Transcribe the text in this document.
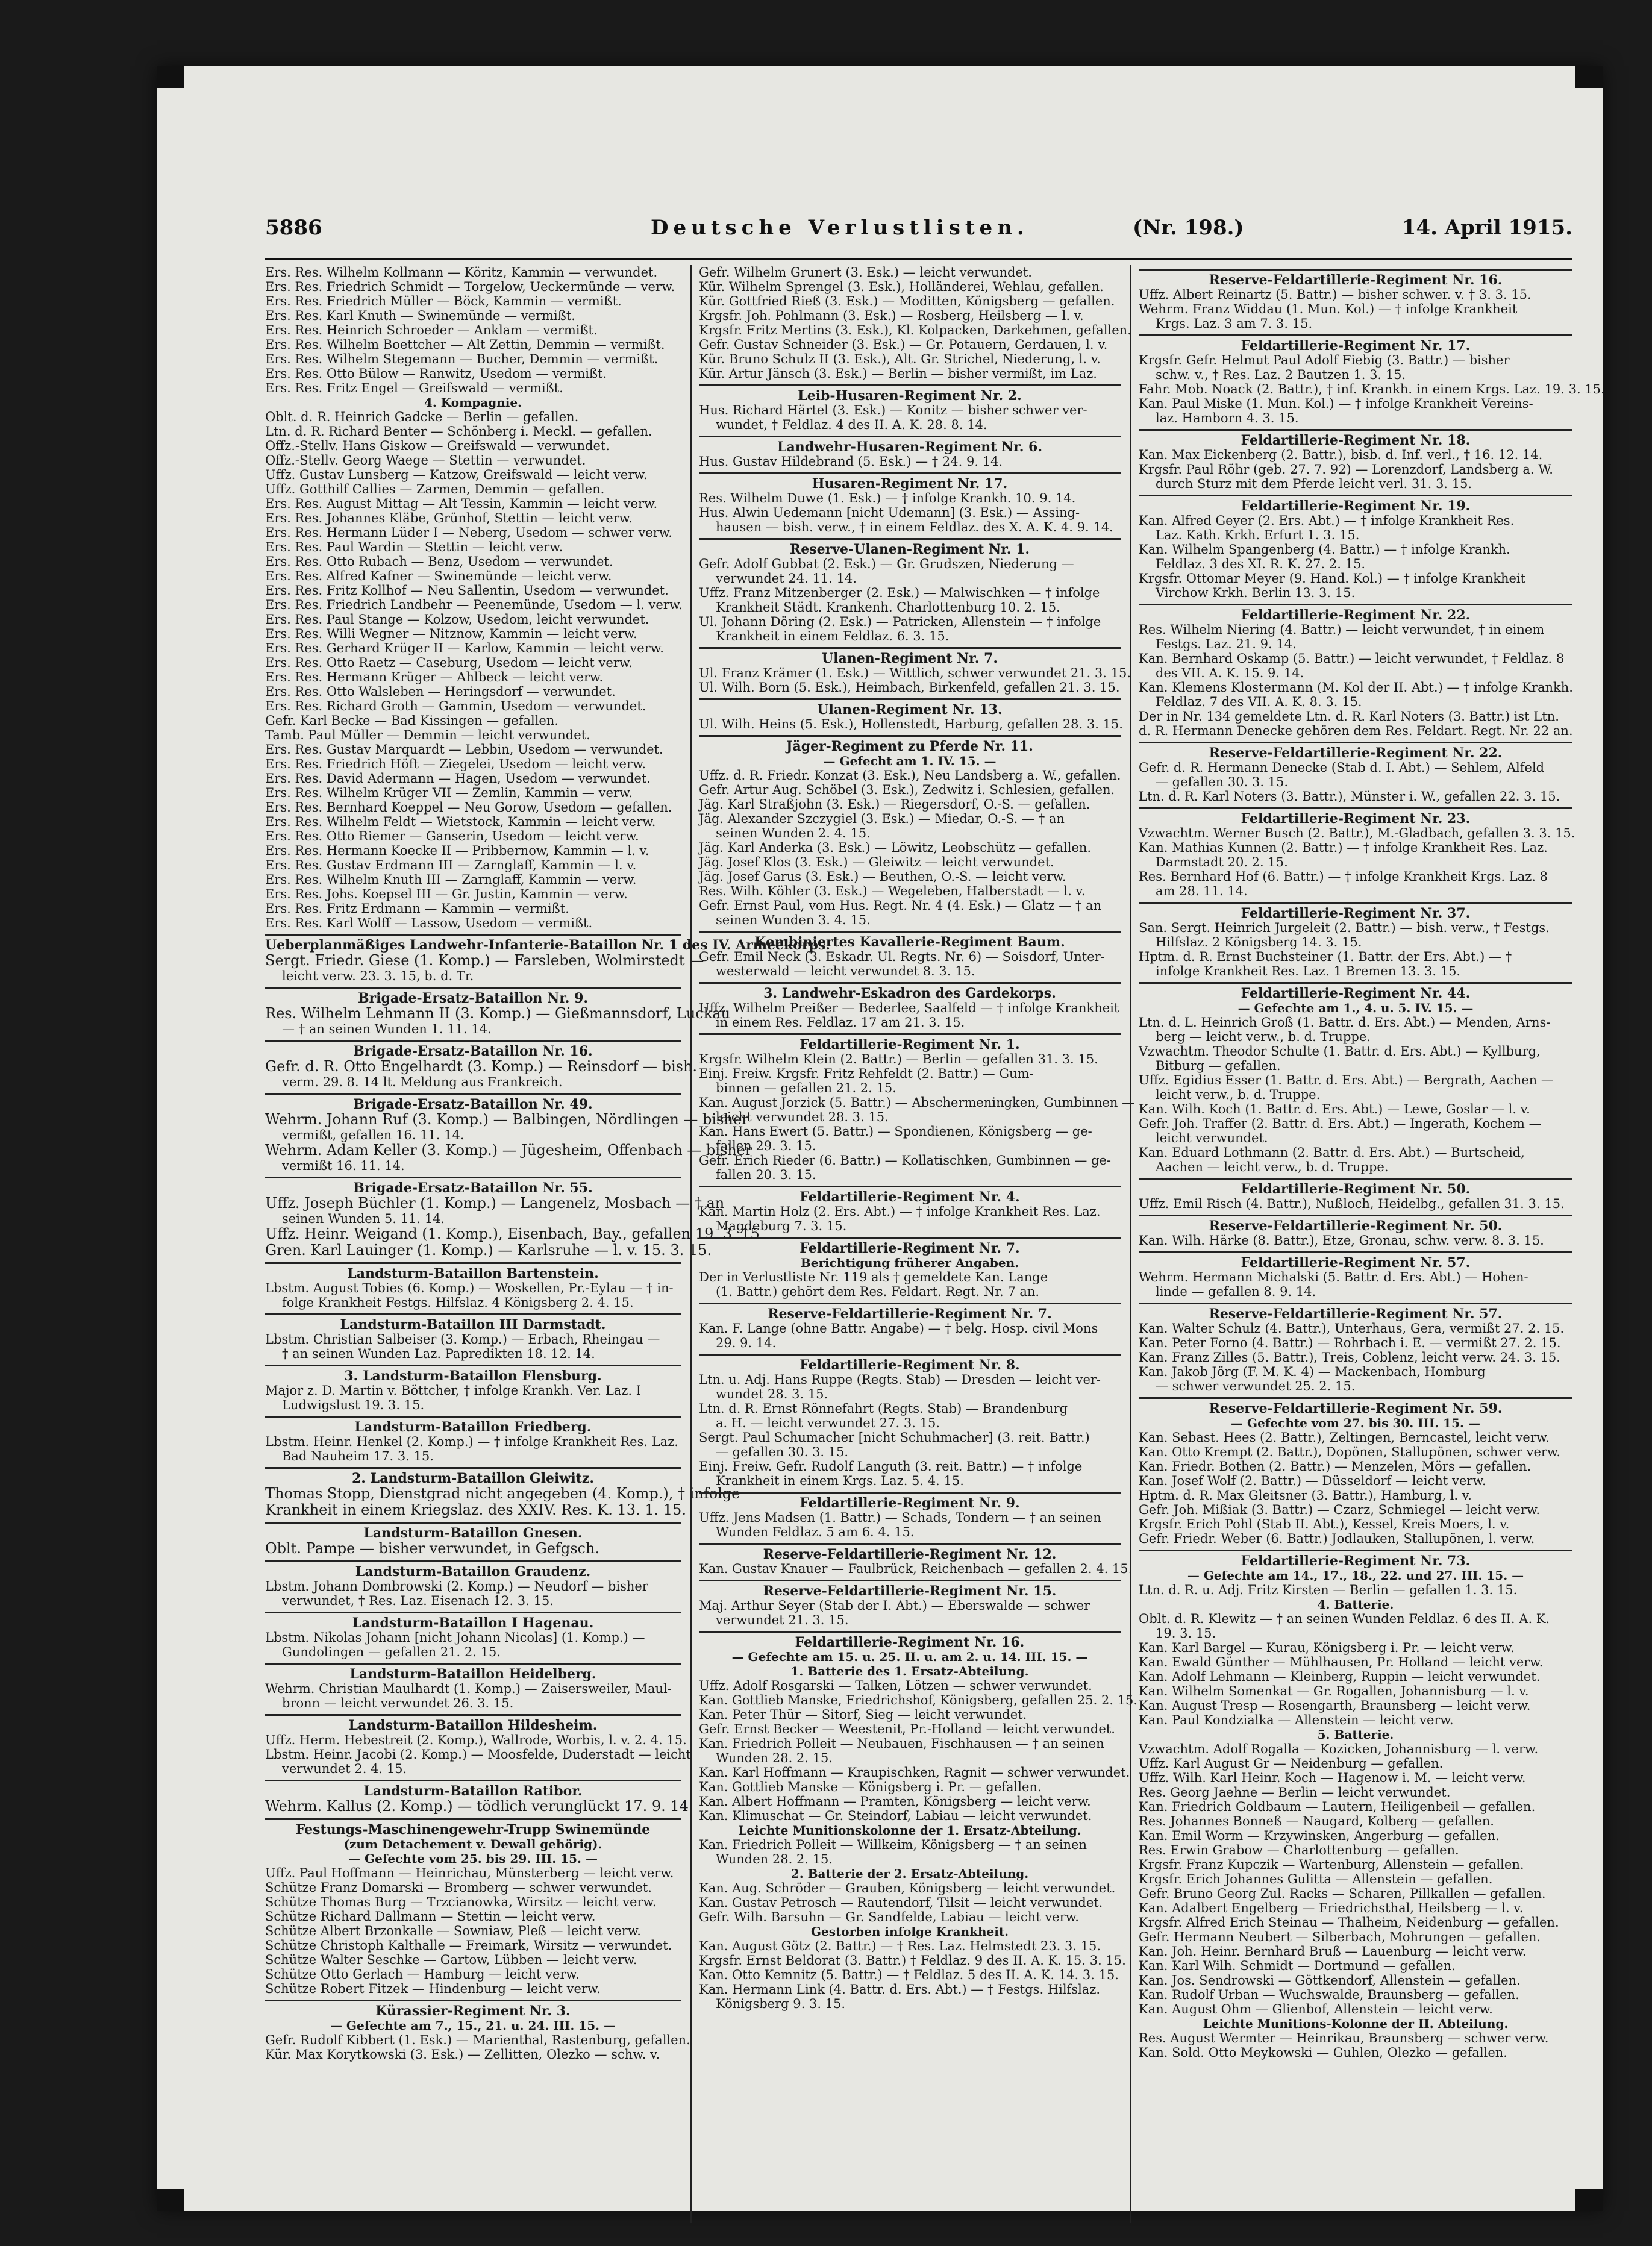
5886	Deutsche Verlustlisten.	(Nr. 198.)	14. April 1915.
Ers. Res. Wilhelm Kollmann — Köritz, Kammin — verwundet.
Ers. Res. Friedrich Schmidt — Torgelow, Ueckermünde — verw.
Ers. Res. Friedrich Müller — Böck, Kammin — vermißt.
Ers. Res. Karl Knuth — Swinemünde — vermißt.
Ers. Res. Heinrich Schroeder — Anklam — vermißt.
Ers. Res. Wilhelm Boettcher — Alt Zettin, Demmin — vermißt.
Ers. Res. Wilhelm Stegemann — Bucher, Demmin — vermißt.
Ers. Res. Otto Bülow — Ranwitz, Usedom — vermißt.
Ers. Res. Fritz Engel — Greifswald — vermißt.
4. Kompagnie.
Oblt. d. R. Heinrich Gadcke — Berlin — gefallen.
Ltn. d. R. Richard Benter — Schönberg i. Meckl. — gefallen.
Offz.-Stellv. Hans Giskow — Greifswald — verwundet.
Offz.-Stellv. Georg Waege — Stettin — verwundet.
Uffz. Gustav Lunsberg — Katzow, Greifswald — leicht verw.
Uffz. Gotthilf Callies — Zarmen, Demmin — gefallen.
Ers. Res. August Mittag — Alt Tessin, Kammin — leicht verw.
Ers. Res. Johannes Kläbe, Grünhof, Stettin — leicht verw.
Ers. Res. Hermann Lüder I — Neberg, Usedom — schwer verw.
Ers. Res. Paul Wardin — Stettin — leicht verw.
Ers. Res. Otto Rubach — Benz, Usedom — verwundet.
Ers. Res. Alfred Kafner — Swinemünde — leicht verw.
Ers. Res. Fritz Kollhof — Neu Sallentin, Usedom — verwundet.
Ers. Res. Friedrich Landbehr — Peenemünde, Usedom — l. verw.
Ers. Res. Paul Stange — Kolzow, Usedom, leicht verwundet.
Ers. Res. Willi Wegner — Nitznow, Kammin — leicht verw.
Ers. Res. Gerhard Krüger II — Karlow, Kammin — leicht verw.
Ers. Res. Otto Raetz — Caseburg, Usedom — leicht verw.
Ers. Res. Hermann Krüger — Ahlbeck — leicht verw.
Ers. Res. Otto Walsleben — Heringsdorf — verwundet.
Ers. Res. Richard Groth — Gammin, Usedom — verwundet.
Gefr. Karl Becke — Bad Kissingen — gefallen.
Tamb. Paul Müller — Demmin — leicht verwundet.
Ers. Res. Gustav Marquardt — Lebbin, Usedom — verwundet.
Ers. Res. Friedrich Höft — Ziegelei, Usedom — leicht verw.
Ers. Res. David Adermann — Hagen, Usedom — verwundet.
Ers. Res. Wilhelm Krüger VII — Zemlin, Kammin — verw.
Ers. Res. Bernhard Koeppel — Neu Gorow, Usedom — gefallen.
Ers. Res. Wilhelm Feldt — Wietstock, Kammin — leicht verw.
Ers. Res. Otto Riemer — Ganserin, Usedom — leicht verw.
Ers. Res. Hermann Koecke II — Pribbernow, Kammin — l. v.
Ers. Res. Gustav Erdmann III — Zarnglaff, Kammin — l. v.
Ers. Res. Wilhelm Knuth III — Zarnglaff, Kammin — verw.
Ers. Res. Johs. Koepsel III — Gr. Justin, Kammin — verw.
Ers. Res. Fritz Erdmann — Kammin — vermißt.
Ers. Res. Karl Wolff — Lassow, Usedom — vermißt.
Ueberplanmäßiges Landwehr-Infanterie-Bataillon Nr. 1 des IV. Armeekorps.
Sergt. Friedr. Giese (1. Komp.) — Farsleben, Wolmirstedt —
leicht verw. 23. 3. 15, b. d. Tr.
Brigade-Ersatz-Bataillon Nr. 9.
Res. Wilhelm Lehmann II (3. Komp.) — Gießmannsdorf, Luckau
— † an seinen Wunden 1. 11. 14.
Brigade-Ersatz-Bataillon Nr. 16.
Gefr. d. R. Otto Engelhardt (3. Komp.) — Reinsdorf — bish.
verm. 29. 8. 14 lt. Meldung aus Frankreich.
Brigade-Ersatz-Bataillon Nr. 49.
Wehrm. Johann Ruf (3. Komp.) — Balbingen, Nördlingen — bisher
vermißt, gefallen 16. 11. 14.
Wehrm. Adam Keller (3. Komp.) — Jügesheim, Offenbach — bisher
vermißt 16. 11. 14.
Brigade-Ersatz-Bataillon Nr. 55.
Uffz. Joseph Büchler (1. Komp.) — Langenelz, Mosbach — † an
seinen Wunden 5. 11. 14.
Uffz. Heinr. Weigand (1. Komp.), Eisenbach, Bay., gefallen 19. 3. 15.
Gren. Karl Lauinger (1. Komp.) — Karlsruhe — l. v. 15. 3. 15.
Landsturm-Bataillon Bartenstein.
Lbstm. August Tobies (6. Komp.) — Woskellen, Pr.-Eylau — † in-
folge Krankheit Festgs. Hilfslaz. 4 Königsberg 2. 4. 15.
Landsturm-Bataillon III Darmstadt.
Lbstm. Christian Salbeiser (3. Komp.) — Erbach, Rheingau —
† an seinen Wunden Laz. Papredikten 18. 12. 14.
3. Landsturm-Bataillon Flensburg.
Major z. D. Martin v. Böttcher, † infolge Krankh. Ver. Laz. I
Ludwigslust 19. 3. 15.
Landsturm-Bataillon Friedberg.
Lbstm. Heinr. Henkel (2. Komp.) — † infolge Krankheit Res. Laz.
Bad Nauheim 17. 3. 15.
2. Landsturm-Bataillon Gleiwitz.
Thomas Stopp, Dienstgrad nicht angegeben (4. Komp.), † infolge
Krankheit in einem Kriegslaz. des XXIV. Res. K. 13. 1. 15.
Landsturm-Bataillon Gnesen.
Oblt. Pampe — bisher verwundet, in Gefgsch.
Landsturm-Bataillon Graudenz.
Lbstm. Johann Dombrowski (2. Komp.) — Neudorf — bisher
verwundet, † Res. Laz. Eisenach 12. 3. 15.
Landsturm-Bataillon I Hagenau.
Lbstm. Nikolas Johann [nicht Johann Nicolas] (1. Komp.) —
Gundolingen — gefallen 21. 2. 15.
Landsturm-Bataillon Heidelberg.
Wehrm. Christian Maulhardt (1. Komp.) — Zaisersweiler, Maul-
bronn — leicht verwundet 26. 3. 15.
Landsturm-Bataillon Hildesheim.
Uffz. Herm. Hebestreit (2. Komp.), Wallrode, Worbis, l. v. 2. 4. 15.
Lbstm. Heinr. Jacobi (2. Komp.) — Moosfelde, Duderstadt — leicht
verwundet 2. 4. 15.
Landsturm-Bataillon Ratibor.
Wehrm. Kallus (2. Komp.) — tödlich verunglückt 17. 9. 14.
Festungs-Maschinengewehr-Trupp Swinemünde
(zum Detachement v. Dewall gehörig).
— Gefechte vom 25. bis 29. III. 15. —
Uffz. Paul Hoffmann — Heinrichau, Münsterberg — leicht verw.
Schütze Franz Domarski — Bromberg — schwer verwundet.
Schütze Thomas Burg — Trzcianowka, Wirsitz — leicht verw.
Schütze Richard Dallmann — Stettin — leicht verw.
Schütze Albert Brzonkalle — Sowniaw, Pleß — leicht verw.
Schütze Christoph Kalthalle — Freimark, Wirsitz — verwundet.
Schütze Walter Seschke — Gartow, Lübben — leicht verw.
Schütze Otto Gerlach — Hamburg — leicht verw.
Schütze Robert Fitzek — Hindenburg — leicht verw.
Kürassier-Regiment Nr. 3.
— Gefechte am 7., 15., 21. u. 24. III. 15. —
Gefr. Rudolf Kibbert (1. Esk.) — Marienthal, Rastenburg, gefallen.
Kür. Max Korytkowski (3. Esk.) — Zellitten, Olezko — schw. v.
Gefr. Wilhelm Grunert (3. Esk.) — leicht verwundet.
Kür. Wilhelm Sprengel (3. Esk.), Holländerei, Wehlau, gefallen.
Kür. Gottfried Rieß (3. Esk.) — Moditten, Königsberg — gefallen.
Krgsfr. Joh. Pohlmann (3. Esk.) — Rosberg, Heilsberg — l. v.
Krgsfr. Fritz Mertins (3. Esk.), Kl. Kolpacken, Darkehmen, gefallen.
Gefr. Gustav Schneider (3. Esk.) — Gr. Potauern, Gerdauen, l. v.
Kür. Bruno Schulz II (3. Esk.), Alt. Gr. Strichel, Niederung, l. v.
Kür. Artur Jänsch (3. Esk.) — Berlin — bisher vermißt, im Laz.
Leib-Husaren-Regiment Nr. 2.
Hus. Richard Härtel (3. Esk.) — Konitz — bisher schwer ver-
wundet, † Feldlaz. 4 des II. A. K. 28. 8. 14.
Landwehr-Husaren-Regiment Nr. 6.
Hus. Gustav Hildebrand (5. Esk.) — † 24. 9. 14.
Husaren-Regiment Nr. 17.
Res. Wilhelm Duwe (1. Esk.) — † infolge Krankh. 10. 9. 14.
Hus. Alwin Uedemann [nicht Udemann] (3. Esk.) — Assing-
hausen — bish. verw., † in einem Feldlaz. des X. A. K. 4. 9. 14.
Reserve-Ulanen-Regiment Nr. 1.
Gefr. Adolf Gubbat (2. Esk.) — Gr. Grudszen, Niederung —
verwundet 24. 11. 14.
Uffz. Franz Mitzenberger (2. Esk.) — Malwischken — † infolge
Krankheit Städt. Krankenh. Charlottenburg 10. 2. 15.
Ul. Johann Döring (2. Esk.) — Patricken, Allenstein — † infolge
Krankheit in einem Feldlaz. 6. 3. 15.
Ulanen-Regiment Nr. 7.
Ul. Franz Krämer (1. Esk.) — Wittlich, schwer verwundet 21. 3. 15.
Ul. Wilh. Born (5. Esk.), Heimbach, Birkenfeld, gefallen 21. 3. 15.
Ulanen-Regiment Nr. 13.
Ul. Wilh. Heins (5. Esk.), Hollenstedt, Harburg, gefallen 28. 3. 15.
Jäger-Regiment zu Pferde Nr. 11.
— Gefecht am 1. IV. 15. —
Uffz. d. R. Friedr. Konzat (3. Esk.), Neu Landsberg a. W., gefallen.
Gefr. Artur Aug. Schöbel (3. Esk.), Zedwitz i. Schlesien, gefallen.
Jäg. Karl Straßjohn (3. Esk.) — Riegersdorf, O.-S. — gefallen.
Jäg. Alexander Szczygiel (3. Esk.) — Miedar, O.-S. — † an
seinen Wunden 2. 4. 15.
Jäg. Karl Anderka (3. Esk.) — Löwitz, Leobschütz — gefallen.
Jäg. Josef Klos (3. Esk.) — Gleiwitz — leicht verwundet.
Jäg. Josef Garus (3. Esk.) — Beuthen, O.-S. — leicht verw.
Res. Wilh. Köhler (3. Esk.) — Wegeleben, Halberstadt — l. v.
Gefr. Ernst Paul, vom Hus. Regt. Nr. 4 (4. Esk.) — Glatz — † an
seinen Wunden 3. 4. 15.
Kombiniertes Kavallerie-Regiment Baum.
Gefr. Emil Neck (3. Eskadr. Ul. Regts. Nr. 6) — Soisdorf, Unter-
westerwald — leicht verwundet 8. 3. 15.
3. Landwehr-Eskadron des Gardekorps.
Uffz. Wilhelm Preißer — Bederlee, Saalfeld — † infolge Krankheit
in einem Res. Feldlaz. 17 am 21. 3. 15.
Feldartillerie-Regiment Nr. 1.
Krgsfr. Wilhelm Klein (2. Battr.) — Berlin — gefallen 31. 3. 15.
Einj. Freiw. Krgsfr. Fritz Rehfeldt (2. Battr.) — Gum-
binnen — gefallen 21. 2. 15.
Kan. August Jorzick (5. Battr.) — Abschermeningken, Gumbinnen —
leicht verwundet 28. 3. 15.
Kan. Hans Ewert (5. Battr.) — Spondienen, Königsberg — ge-
fallen 29. 3. 15.
Gefr. Erich Rieder (6. Battr.) — Kollatischken, Gumbinnen — ge-
fallen 20. 3. 15.
Feldartillerie-Regiment Nr. 4.
Kan. Martin Holz (2. Ers. Abt.) — † infolge Krankheit Res. Laz.
Magdeburg 7. 3. 15.
Feldartillerie-Regiment Nr. 7.
Berichtigung früherer Angaben.
Der in Verlustliste Nr. 119 als † gemeldete Kan. Lange
(1. Battr.) gehört dem Res. Feldart. Regt. Nr. 7 an.
Reserve-Feldartillerie-Regiment Nr. 7.
Kan. F. Lange (ohne Battr. Angabe) — † belg. Hosp. civil Mons
29. 9. 14.
Feldartillerie-Regiment Nr. 8.
Ltn. u. Adj. Hans Ruppe (Regts. Stab) — Dresden — leicht ver-
wundet 28. 3. 15.
Ltn. d. R. Ernst Rönnefahrt (Regts. Stab) — Brandenburg
a. H. — leicht verwundet 27. 3. 15.
Sergt. Paul Schumacher [nicht Schuhmacher] (3. reit. Battr.)
— gefallen 30. 3. 15.
Einj. Freiw. Gefr. Rudolf Languth (3. reit. Battr.) — † infolge
Krankheit in einem Krgs. Laz. 5. 4. 15.
Feldartillerie-Regiment Nr. 9.
Uffz. Jens Madsen (1. Battr.) — Schads, Tondern — † an seinen
Wunden Feldlaz. 5 am 6. 4. 15.
Reserve-Feldartillerie-Regiment Nr. 12.
Kan. Gustav Knauer — Faulbrück, Reichenbach — gefallen 2. 4. 15.
Reserve-Feldartillerie-Regiment Nr. 15.
Maj. Arthur Seyer (Stab der I. Abt.) — Eberswalde — schwer
verwundet 21. 3. 15.
Feldartillerie-Regiment Nr. 16.
— Gefechte am 15. u. 25. II. u. am 2. u. 14. III. 15. —
1. Batterie des 1. Ersatz-Abteilung.
Uffz. Adolf Rosgarski — Talken, Lötzen — schwer verwundet.
Kan. Gottlieb Manske, Friedrichshof, Königsberg, gefallen 25. 2. 15.
Kan. Peter Thür — Sitorf, Sieg — leicht verwundet.
Gefr. Ernst Becker — Weestenit, Pr.-Holland — leicht verwundet.
Kan. Friedrich Polleit — Neubauen, Fischhausen — † an seinen
Wunden 28. 2. 15.
Kan. Karl Hoffmann — Kraupischken, Ragnit — schwer verwundet.
Kan. Gottlieb Manske — Königsberg i. Pr. — gefallen.
Kan. Albert Hoffmann — Pramten, Königsberg — leicht verw.
Kan. Klimuschat — Gr. Steindorf, Labiau — leicht verwundet.
Leichte Munitionskolonne der 1. Ersatz-Abteilung.
Kan. Friedrich Polleit — Willkeim, Königsberg — † an seinen
Wunden 28. 2. 15.
2. Batterie der 2. Ersatz-Abteilung.
Kan. Aug. Schröder — Grauben, Königsberg — leicht verwundet.
Kan. Gustav Petrosch — Rautendorf, Tilsit — leicht verwundet.
Gefr. Wilh. Barsuhn — Gr. Sandfelde, Labiau — leicht verw.
Gestorben infolge Krankheit.
Kan. August Götz (2. Battr.) — † Res. Laz. Helmstedt 23. 3. 15.
Krgsfr. Ernst Beldorat (3. Battr.) † Feldlaz. 9 des II. A. K. 15. 3. 15.
Kan. Otto Kemnitz (5. Battr.) — † Feldlaz. 5 des II. A. K. 14. 3. 15.
Kan. Hermann Link (4. Battr. d. Ers. Abt.) — † Festgs. Hilfslaz.
Königsberg 9. 3. 15.
Reserve-Feldartillerie-Regiment Nr. 16.
Uffz. Albert Reinartz (5. Battr.) — bisher schwer. v. † 3. 3. 15.
Wehrm. Franz Widdau (1. Mun. Kol.) — † infolge Krankheit
Krgs. Laz. 3 am 7. 3. 15.
Feldartillerie-Regiment Nr. 17.
Krgsfr. Gefr. Helmut Paul Adolf Fiebig (3. Battr.) — bisher
schw. v., † Res. Laz. 2 Bautzen 1. 3. 15.
Fahr. Mob. Noack (2. Battr.), † inf. Krankh. in einem Krgs. Laz. 19. 3. 15.
Kan. Paul Miske (1. Mun. Kol.) — † infolge Krankheit Vereins-
laz. Hamborn 4. 3. 15.
Feldartillerie-Regiment Nr. 18.
Kan. Max Eickenberg (2. Battr.), bisb. d. Inf. verl., † 16. 12. 14.
Krgsfr. Paul Röhr (geb. 27. 7. 92) — Lorenzdorf, Landsberg a. W.
durch Sturz mit dem Pferde leicht verl. 31. 3. 15.
Feldartillerie-Regiment Nr. 19.
Kan. Alfred Geyer (2. Ers. Abt.) — † infolge Krankheit Res.
Laz. Kath. Krkh. Erfurt 1. 3. 15.
Kan. Wilhelm Spangenberg (4. Battr.) — † infolge Krankh.
Feldlaz. 3 des XI. R. K. 27. 2. 15.
Krgsfr. Ottomar Meyer (9. Hand. Kol.) — † infolge Krankheit
Virchow Krkh. Berlin 13. 3. 15.
Feldartillerie-Regiment Nr. 22.
Res. Wilhelm Niering (4. Battr.) — leicht verwundet, † in einem
Festgs. Laz. 21. 9. 14.
Kan. Bernhard Oskamp (5. Battr.) — leicht verwundet, † Feldlaz. 8
des VII. A. K. 15. 9. 14.
Kan. Klemens Klostermann (M. Kol der II. Abt.) — † infolge Krankh.
Feldlaz. 7 des VII. A. K. 8. 3. 15.
Der in Nr. 134 gemeldete Ltn. d. R. Karl Noters (3. Battr.) ist Ltn.
d. R. Hermann Denecke gehören dem Res. Feldart. Regt. Nr. 22 an.
Reserve-Feldartillerie-Regiment Nr. 22.
Gefr. d. R. Hermann Denecke (Stab d. I. Abt.) — Sehlem, Alfeld
— gefallen 30. 3. 15.
Ltn. d. R. Karl Noters (3. Battr.), Münster i. W., gefallen 22. 3. 15.
Feldartillerie-Regiment Nr. 23.
Vzwachtm. Werner Busch (2. Battr.), M.-Gladbach, gefallen 3. 3. 15.
Kan. Mathias Kunnen (2. Battr.) — † infolge Krankheit Res. Laz.
Darmstadt 20. 2. 15.
Res. Bernhard Hof (6. Battr.) — † infolge Krankheit Krgs. Laz. 8
am 28. 11. 14.
Feldartillerie-Regiment Nr. 37.
San. Sergt. Heinrich Jurgeleit (2. Battr.) — bish. verw., † Festgs.
Hilfslaz. 2 Königsberg 14. 3. 15.
Hptm. d. R. Ernst Buchsteiner (1. Battr. der Ers. Abt.) — †
infolge Krankheit Res. Laz. 1 Bremen 13. 3. 15.
Feldartillerie-Regiment Nr. 44.
— Gefechte am 1., 4. u. 5. IV. 15. —
Ltn. d. L. Heinrich Groß (1. Battr. d. Ers. Abt.) — Menden, Arns-
berg — leicht verw., b. d. Truppe.
Vzwachtm. Theodor Schulte (1. Battr. d. Ers. Abt.) — Kyllburg,
Bitburg — gefallen.
Uffz. Egidius Esser (1. Battr. d. Ers. Abt.) — Bergrath, Aachen —
leicht verw., b. d. Truppe.
Kan. Wilh. Koch (1. Battr. d. Ers. Abt.) — Lewe, Goslar — l. v.
Gefr. Joh. Traffer (2. Battr. d. Ers. Abt.) — Ingerath, Kochem —
leicht verwundet.
Kan. Eduard Lothmann (2. Battr. d. Ers. Abt.) — Burtscheid,
Aachen — leicht verw., b. d. Truppe.
Feldartillerie-Regiment Nr. 50.
Uffz. Emil Risch (4. Battr.), Nußloch, Heidelbg., gefallen 31. 3. 15.
Reserve-Feldartillerie-Regiment Nr. 50.
Kan. Wilh. Härke (8. Battr.), Etze, Gronau, schw. verw. 8. 3. 15.
Feldartillerie-Regiment Nr. 57.
Wehrm. Hermann Michalski (5. Battr. d. Ers. Abt.) — Hohen-
linde — gefallen 8. 9. 14.
Reserve-Feldartillerie-Regiment Nr. 57.
Kan. Walter Schulz (4. Battr.), Unterhaus, Gera, vermißt 27. 2. 15.
Kan. Peter Forno (4. Battr.) — Rohrbach i. E. — vermißt 27. 2. 15.
Kan. Franz Zilles (5. Battr.), Treis, Coblenz, leicht verw. 24. 3. 15.
Kan. Jakob Jörg (F. M. K. 4) — Mackenbach, Homburg
— schwer verwundet 25. 2. 15.
Reserve-Feldartillerie-Regiment Nr. 59.
— Gefechte vom 27. bis 30. III. 15. —
Kan. Sebast. Hees (2. Battr.), Zeltingen, Berncastel, leicht verw.
Kan. Otto Krempt (2. Battr.), Dopönen, Stallupönen, schwer verw.
Kan. Friedr. Bothen (2. Battr.) — Menzelen, Mörs — gefallen.
Kan. Josef Wolf (2. Battr.) — Düsseldorf — leicht verw.
Hptm. d. R. Max Gleitsner (3. Battr.), Hamburg, l. v.
Gefr. Joh. Mißiak (3. Battr.) — Czarz, Schmiegel — leicht verw.
Krgsfr. Erich Pohl (Stab II. Abt.), Kessel, Kreis Moers, l. v.
Gefr. Friedr. Weber (6. Battr.) Jodlauken, Stallupönen, l. verw.
Feldartillerie-Regiment Nr. 73.
— Gefechte am 14., 17., 18., 22. und 27. III. 15. —
Ltn. d. R. u. Adj. Fritz Kirsten — Berlin — gefallen 1. 3. 15.
4. Batterie.
Oblt. d. R. Klewitz — † an seinen Wunden Feldlaz. 6 des II. A. K.
19. 3. 15.
Kan. Karl Bargel — Kurau, Königsberg i. Pr. — leicht verw.
Kan. Ewald Günther — Mühlhausen, Pr. Holland — leicht verw.
Kan. Adolf Lehmann — Kleinberg, Ruppin — leicht verwundet.
Kan. Wilhelm Somenkat — Gr. Rogallen, Johannisburg — l. v.
Kan. August Tresp — Rosengarth, Braunsberg — leicht verw.
Kan. Paul Kondzialka — Allenstein — leicht verw.
5. Batterie.
Vzwachtm. Adolf Rogalla — Kozicken, Johannisburg — l. verw.
Uffz. Karl August Gr — Neidenburg — gefallen.
Uffz. Wilh. Karl Heinr. Koch — Hagenow i. M. — leicht verw.
Res. Georg Jaehne — Berlin — leicht verwundet.
Kan. Friedrich Goldbaum — Lautern, Heiligenbeil — gefallen.
Res. Johannes Bonneß — Naugard, Kolberg — gefallen.
Kan. Emil Worm — Krzywinsken, Angerburg — gefallen.
Res. Erwin Grabow — Charlottenburg — gefallen.
Krgsfr. Franz Kupczik — Wartenburg, Allenstein — gefallen.
Krgsfr. Erich Johannes Gulitta — Allenstein — gefallen.
Gefr. Bruno Georg Zul. Racks — Scharen, Pillkallen — gefallen.
Kan. Adalbert Engelberg — Friedrichsthal, Heilsberg — l. v.
Krgsfr. Alfred Erich Steinau — Thalheim, Neidenburg — gefallen.
Gefr. Hermann Neubert — Silberbach, Mohrungen — gefallen.
Kan. Joh. Heinr. Bernhard Bruß — Lauenburg — leicht verw.
Kan. Karl Wilh. Schmidt — Dortmund — gefallen.
Kan. Jos. Sendrowski — Göttkendorf, Allenstein — gefallen.
Kan. Rudolf Urban — Wuchswalde, Braunsberg — gefallen.
Kan. August Ohm — Glienbof, Allenstein — leicht verw.
Leichte Munitions-Kolonne der II. Abteilung.
Res. August Wermter — Heinrikau, Braunsberg — schwer verw.
Kan. Sold. Otto Meykowski — Guhlen, Olezko — gefallen.
